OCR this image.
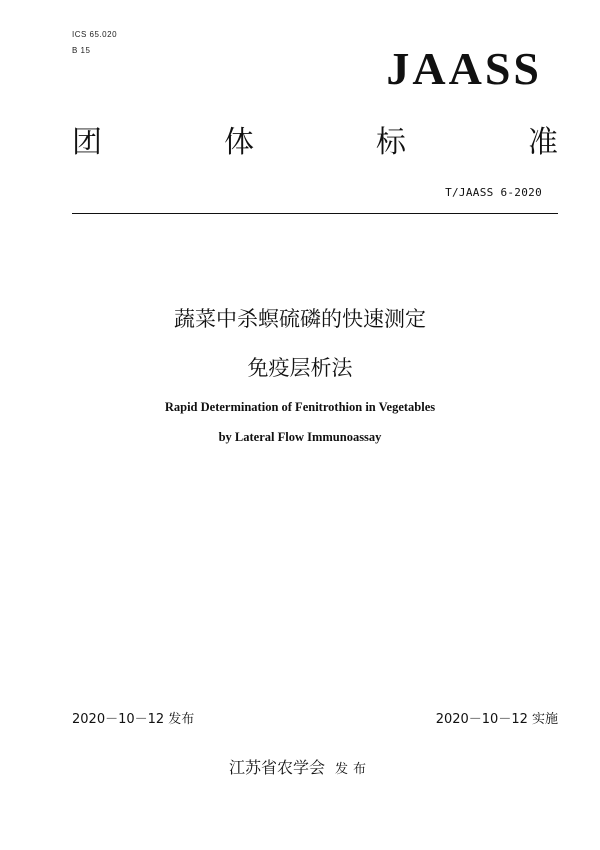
ICS 65.020
B 15	JAASS
团	体	标	准
T/JAASS 6-2020
蔬菜中杀螟硫磷的快速测定
免疫层析法
Rapid Determination of Fenitrothion in Vegetables
by Lateral Flow Immunoassay
2020－10－12 发布	2020－10－12 实施
江苏省农学会 发布
